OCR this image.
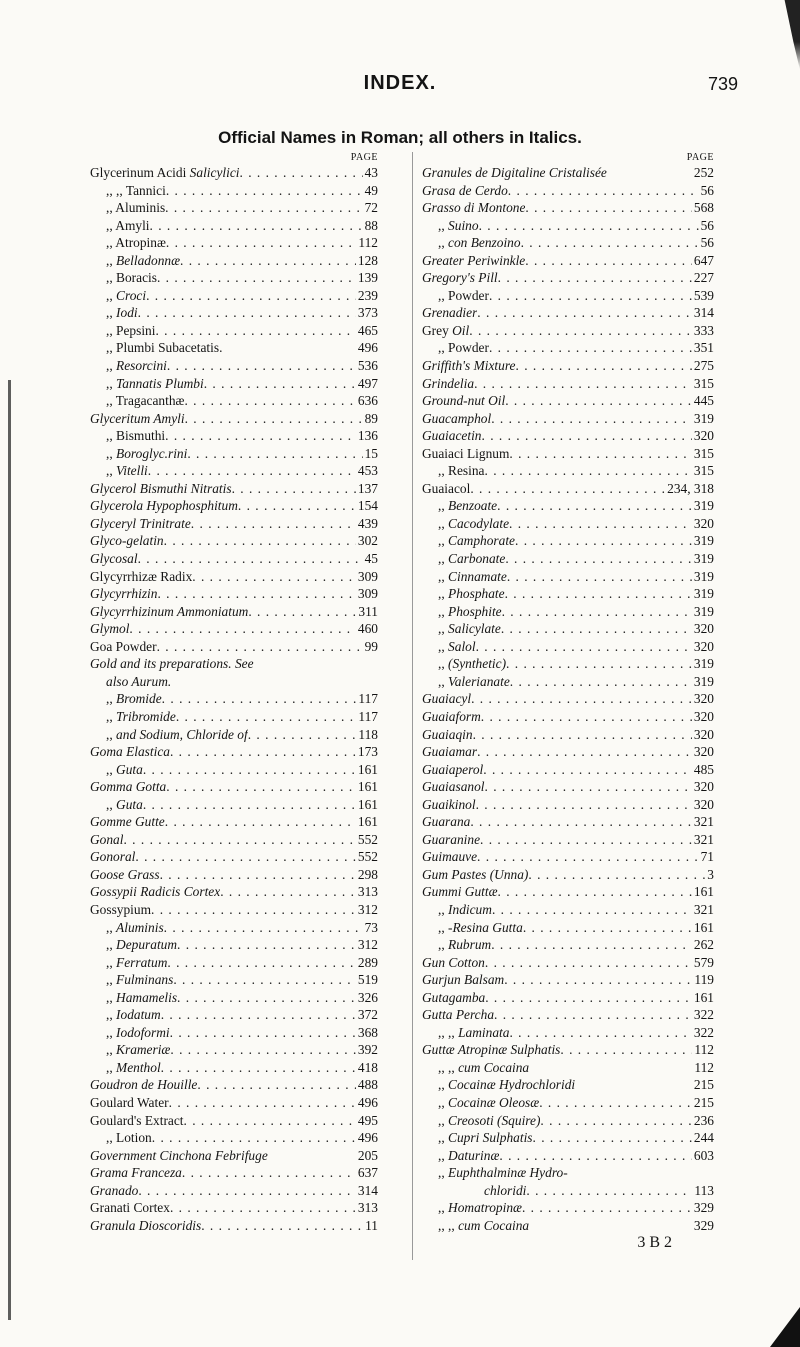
INDEX.	739
Official Names in Roman; all others in Italics.
PAGE
Glycerinum Acidi Salicylici . . .	43
,, ,, Tannici . . .	49
,, Aluminis . . .	72
,, Amyli . . .	88
,, Atropinæ . . .	112
,, Belladonnæ . . .	128
,, Boracis . . .	139
,, Croci . . .	239
,, Iodi . . .	373
,, Pepsini . . .	465
,, Plumbi Subacetatis.	496
,, Resorcini . . .	536
,, Tannatis Plumbi . . .	497
,, Tragacanthæ . . .	636
Glyceritum Amyli . . .	89
,, Bismuthi . . .	136
,, Boroglyc.rini . . .	15
,, Vitelli . . .	453
Glycerol Bismuthi Nitratis . . .	137
Glycerola Hypophosphitum . . .	154
Glyceryl Trinitrate . . .	439
Glyco-gelatin . . .	302
Glycosal . . .	45
Glycyrrhizæ Radix . . .	309
Glycyrrhizin . . .	309
Glycyrrhizinum Ammoniatum . . .	311
Glymol . . .	460
Goa Powder . . .	99
Gold and its preparations. See
also Aurum.
,, Bromide . . .	117
,, Tribromide . . .	117
,, and Sodium, Chloride of . . .	118
Goma Elastica . . .	173
,, Guta . . .	161
Gomma Gotta . . .	161
,, Guta . . .	161
Gomme Gutte . . .	161
Gonal . . .	552
Gonoral . . .	552
Goose Grass . . .	298
Gossypii Radicis Cortex . . .	313
Gossypium . . .	312
,, Aluminis . . .	73
,, Depuratum . . .	312
,, Ferratum . . .	289
,, Fulminans . . .	519
,, Hamamelis . . .	326
,, Iodatum . . .	372
,, Iodoformi . . .	368
,, Krameriæ . . .	392
,, Menthol . . .	418
Goudron de Houille . . .	488
Goulard Water . . .	496
Goulard's Extract . . .	495
,, Lotion . . .	496
Government Cinchona Febrifuge	205
Grama Franceza . . .	637
Granado . . .	314
Granati Cortex . . .	313
Granula Dioscoridis . . .	11
PAGE
Granules de Digitaline Cristalisée	252
Grasa de Cerdo . . .	56
Grasso di Montone . . .	568
,, Suino . . .	56
,, con Benzoino . . .	56
Greater Periwinkle . . .	647
Gregory's Pill . . .	227
,, Powder . . .	539
Grenadier . . .	314
Grey Oil . . .	333
,, Powder . . .	351
Griffith's Mixture . . .	275
Grindelia . . .	315
Ground-nut Oil . . .	445
Guacamphol . . .	319
Guaiacetin . . .	320
Guaiaci Lignum . . .	315
,, Resina . . .	315
Guaiacol . . .	234, 318
,, Benzoate . . .	319
,, Cacodylate . . .	320
,, Camphorate . . .	319
,, Carbonate . . .	319
,, Cinnamate . . .	319
,, Phosphate . . .	319
,, Phosphite . . .	319
,, Salicylate . . .	320
,, Salol . . .	320
,, (Synthetic) . . .	319
,, Valerianate . . .	319
Guaiacyl . . .	320
Guaiaform . . .	320
Guaiaqin . . .	320
Guaiamar . . .	320
Guaiaperol . . .	485
Guaiasanol . . .	320
Guaikinol . . .	320
Guarana . . .	321
Guaranine . . .	321
Guimauve . . .	71
Gum Pastes (Unna) . . .	3
Gummi Guttæ . . .	161
,, Indicum . . .	321
,, -Resina Gutta . . .	161
,, Rubrum . . .	262
Gun Cotton . . .	579
Gurjun Balsam . . .	119
Gutagamba . . .	161
Gutta Percha . . .	322
,, ,, Laminata . . .	322
Guttæ Atropinæ Sulphatis . . .	112
,, ,, cum Cocaina	112
,, Cocainæ Hydrochloridi	215
,, Cocainæ Oleosæ . . .	215
,, Creosoti (Squire) . . .	236
,, Cupri Sulphatis . . .	244
,, Daturinæ . . .	603
,, Euphthalminæ Hydro-
chloridi . . .	113
,, Homatropinæ . . .	329
,, ,, cum Cocaina	329
3 B 2
